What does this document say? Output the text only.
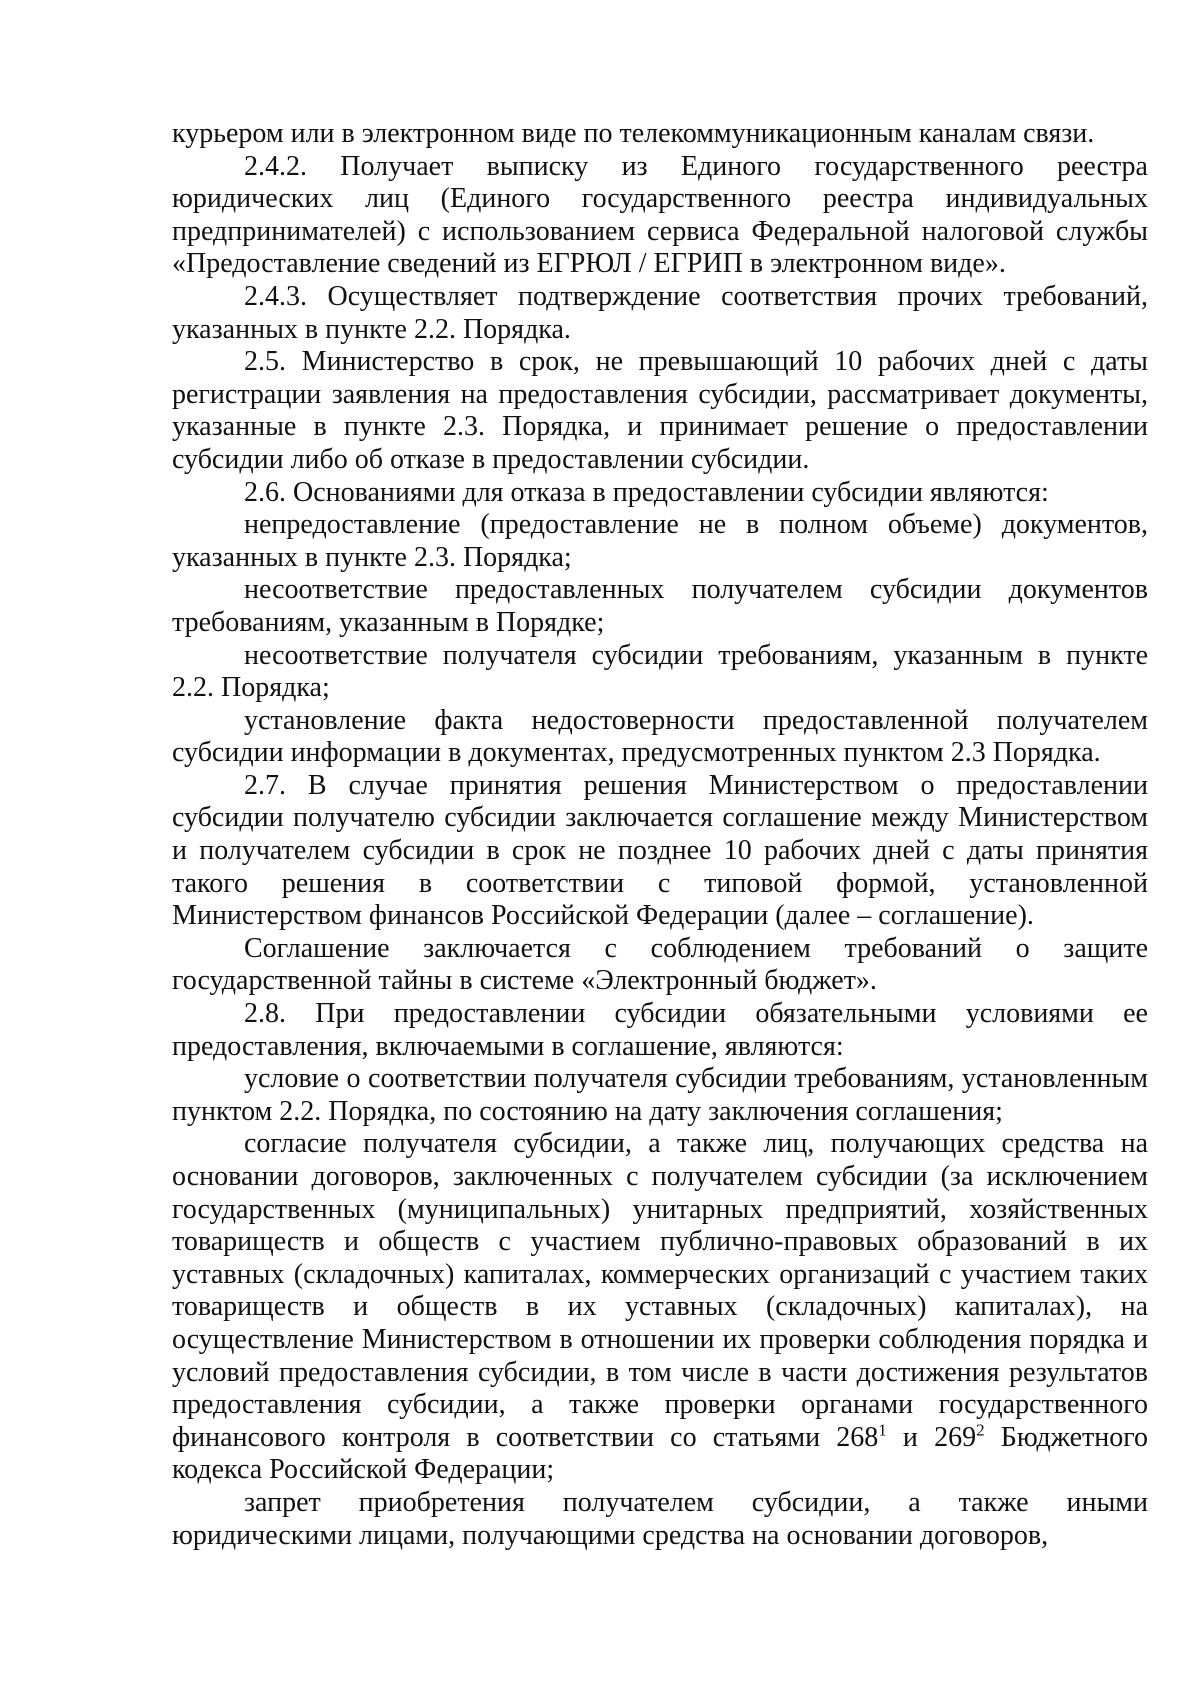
курьером или в электронном виде по телекоммуникационным каналам связи.

2.4.2. Получает выписку из Единого государственного реестра юридических лиц (Единого государственного реестра индивидуальных предпринимателей) с использованием сервиса Федеральной налоговой службы «Предоставление сведений из ЕГРЮЛ / ЕГРИП в электронном виде».

2.4.3. Осуществляет подтверждение соответствия прочих требований, указанных в пункте 2.2. Порядка.

2.5. Министерство в срок, не превышающий 10 рабочих дней с даты регистрации заявления на предоставления субсидии, рассматривает документы, указанные в пункте 2.3. Порядка, и принимает решение о предоставлении субсидии либо об отказе в предоставлении субсидии.

2.6. Основаниями для отказа в предоставлении субсидии являются:

непредоставление (предоставление не в полном объеме) документов, указанных в пункте 2.3. Порядка;

несоответствие предоставленных получателем субсидии документов требованиям, указанным в Порядке;

несоответствие получателя субсидии требованиям, указанным в пункте 2.2. Порядка;

установление факта недостоверности предоставленной получателем субсидии информации в документах, предусмотренных пунктом 2.3 Порядка.

2.7. В случае принятия решения Министерством о предоставлении субсидии получателю субсидии заключается соглашение между Министерством и получателем субсидии в срок не позднее 10 рабочих дней с даты принятия такого решения в соответствии с типовой формой, установленной Министерством финансов Российской Федерации (далее – соглашение).

Соглашение заключается с соблюдением требований о защите государственной тайны в системе «Электронный бюджет».

2.8. При предоставлении субсидии обязательными условиями ее предоставления, включаемыми в соглашение, являются:

условие о соответствии получателя субсидии требованиям, установленным пунктом 2.2. Порядка, по состоянию на дату заключения соглашения;

согласие получателя субсидии, а также лиц, получающих средства на основании договоров, заключенных с получателем субсидии (за исключением государственных (муниципальных) унитарных предприятий, хозяйственных товариществ и обществ с участием публично-правовых образований в их уставных (складочных) капиталах, коммерческих организаций с участием таких товариществ и обществ в их уставных (складочных) капиталах), на осуществление Министерством в отношении их проверки соблюдения порядка и условий предоставления субсидии, в том числе в части достижения результатов предоставления субсидии, а также проверки органами государственного финансового контроля в соответствии со статьями $268^1$ и $269^2$ Бюджетного кодекса Российской Федерации;

запрет приобретения получателем субсидии, а также иными юридическими лицами, получающими средства на основании договоров,
